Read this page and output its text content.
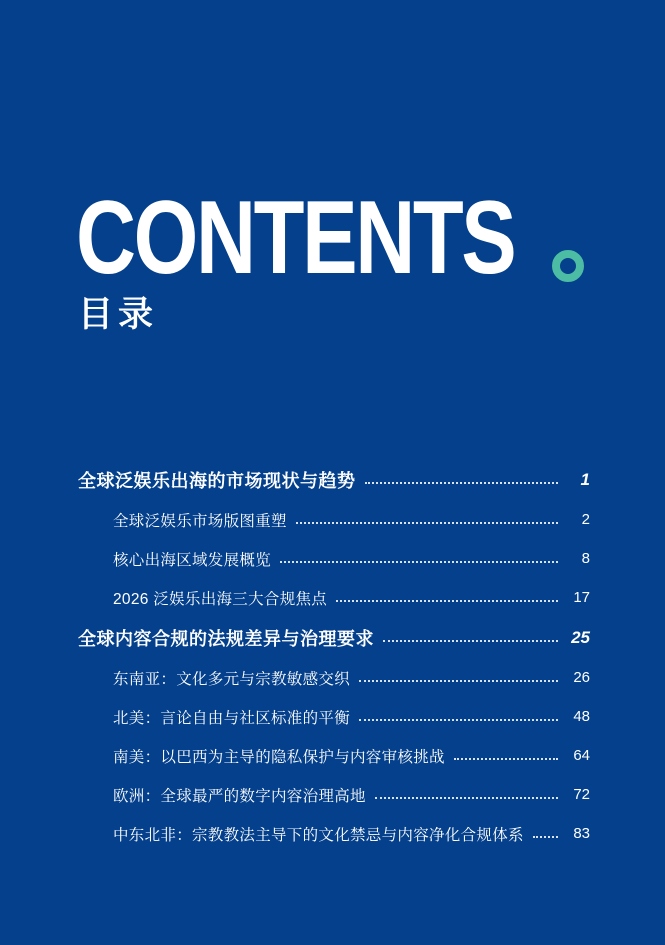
CONTENTS
目录
全球泛娱乐出海的市场现状与趋势	1
全球泛娱乐市场版图重塑	2
核心出海区域发展概览	8
2026 泛娱乐出海三大合规焦点	17
全球内容合规的法规差异与治理要求	25
东南亚：文化多元与宗教敏感交织	26
北美：言论自由与社区标准的平衡	48
南美：以巴西为主导的隐私保护与内容审核挑战	64
欧洲：全球最严的数字内容治理高地	72
中东北非：宗教教法主导下的文化禁忌与内容净化合规体系	83
